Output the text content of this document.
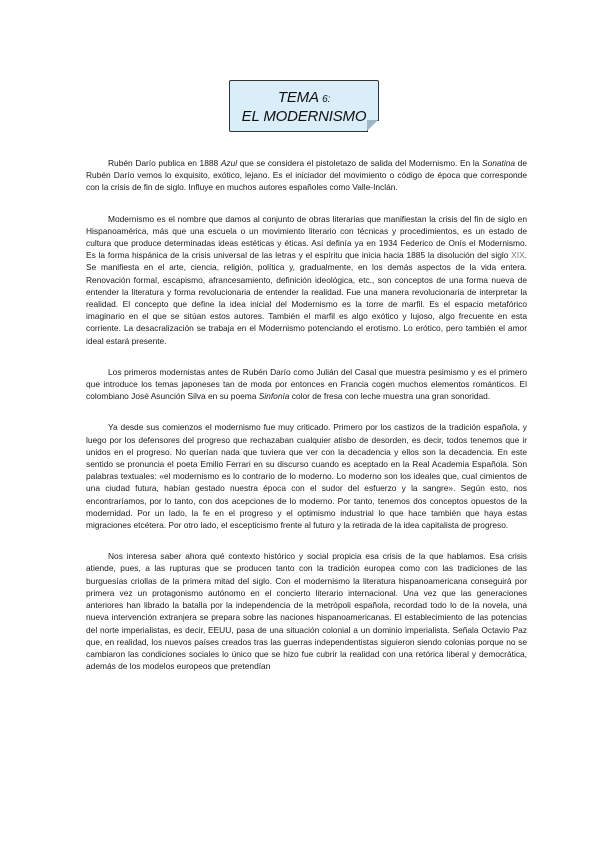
TEMA 6:
EL MODERNISMO

Rubén Darío publica en 1888 Azul que se considera el pistoletazo de salida del Modernismo. En la Sonatina de Rubén Darío vemos lo exquisito, exótico, lejano. Es el iniciador del movimiento o código de época que corresponde con la crisis de fin de siglo. Influye en muchos autores españoles como Valle-Inclán.

Modernismo es el nombre que damos al conjunto de obras literarias que manifiestan la crisis del fin de siglo en Hispanoamérica, más que una escuela o un movimiento literario con técnicas y procedimientos, es un estado de cultura que produce determinadas ideas estéticas y éticas. Así definía ya en 1934 Federico de Onís el Modernismo. Es la forma hispánica de la crisis universal de las letras y el espíritu que inicia hacia 1885 la disolución del siglo XIX. Se manifiesta en el arte, ciencia, religión, política y, gradualmente, en los demás aspectos de la vida entera. Renovación formal, escapismo, afrancesamiento, definición ideológica, etc., son conceptos de una forma nueva de entender la literatura y forma revolucionaria de entender la realidad. Fue una manera revolucionaria de interpretar la realidad. El concepto que define la idea inicial del Modernismo es la torre de marfil. Es el espacio metafórico imaginario en el que se sitúan estos autores. También el marfil es algo exótico y lujoso, algo frecuente en esta corriente. La desacralización se trabaja en el Modernismo potenciando el erotismo. Lo erótico, pero también el amor ideal estará presente.

Los primeros modernistas antes de Rubén Darío como Julián del Casal que muestra pesimismo y es el primero que introduce los temas japoneses tan de moda por entonces en Francia cogen muchos elementos románticos. El colombiano José Asunción Silva en su poema Sinfonía color de fresa con leche muestra una gran sonoridad.

Ya desde sus comienzos el modernismo fue muy criticado. Primero por los castizos de la tradición española, y luego por los defensores del progreso que rechazaban cualquier atisbo de desorden, es decir, todos tenemos que ir unidos en el progreso. No querían nada que tuviera que ver con la decadencia y ellos son la decadencia. En este sentido se pronuncia el poeta Emilio Ferrari en su discurso cuando es aceptado en la Real Academia Española. Son palabras textuales: «el modernismo es lo contrario de lo moderno. Lo moderno son los ideales que, cual cimientos de una ciudad futura, habían gestado nuestra época con el sudor del esfuerzo y la sangre». Según esto, nos encontraríamos, por lo tanto, con dos acepciones de lo moderno. Por tanto, tenemos dos conceptos opuestos de la modernidad. Por un lado, la fe en el progreso y el optimismo industrial lo que hace también que haya estas migraciones etcétera. Por otro lado, el escepticismo frente al futuro y la retirada de la idea capitalista de progreso.

Nos interesa saber ahora qué contexto histórico y social propicia esa crisis de la que hablamos. Esa crisis atiende, pues, a las rupturas que se producen tanto con la tradición europea como con las tradiciones de las burguesías criollas de la primera mitad del siglo. Con el modernismo la literatura hispanoamericana conseguirá por primera vez un protagonismo autónomo en el concierto literario internacional. Una vez que las generaciones anteriores han librado la batalla por la independencia de la metrópoli española, recordad todo lo de la novela, una nueva intervención extranjera se prepara sobre las naciones hispanoamericanas. El establecimiento de las potencias del norte imperialistas, es decir, EEUU, pasa de una situación colonial a un dominio imperialista. Señala Octavio Paz que, en realidad, los nuevos países creados tras las guerras independentistas siguieron siendo colonias porque no se cambiaron las condiciones sociales lo único que se hizo fue cubrir la realidad con una retórica liberal y democrática, además de los modelos europeos que pretendían
